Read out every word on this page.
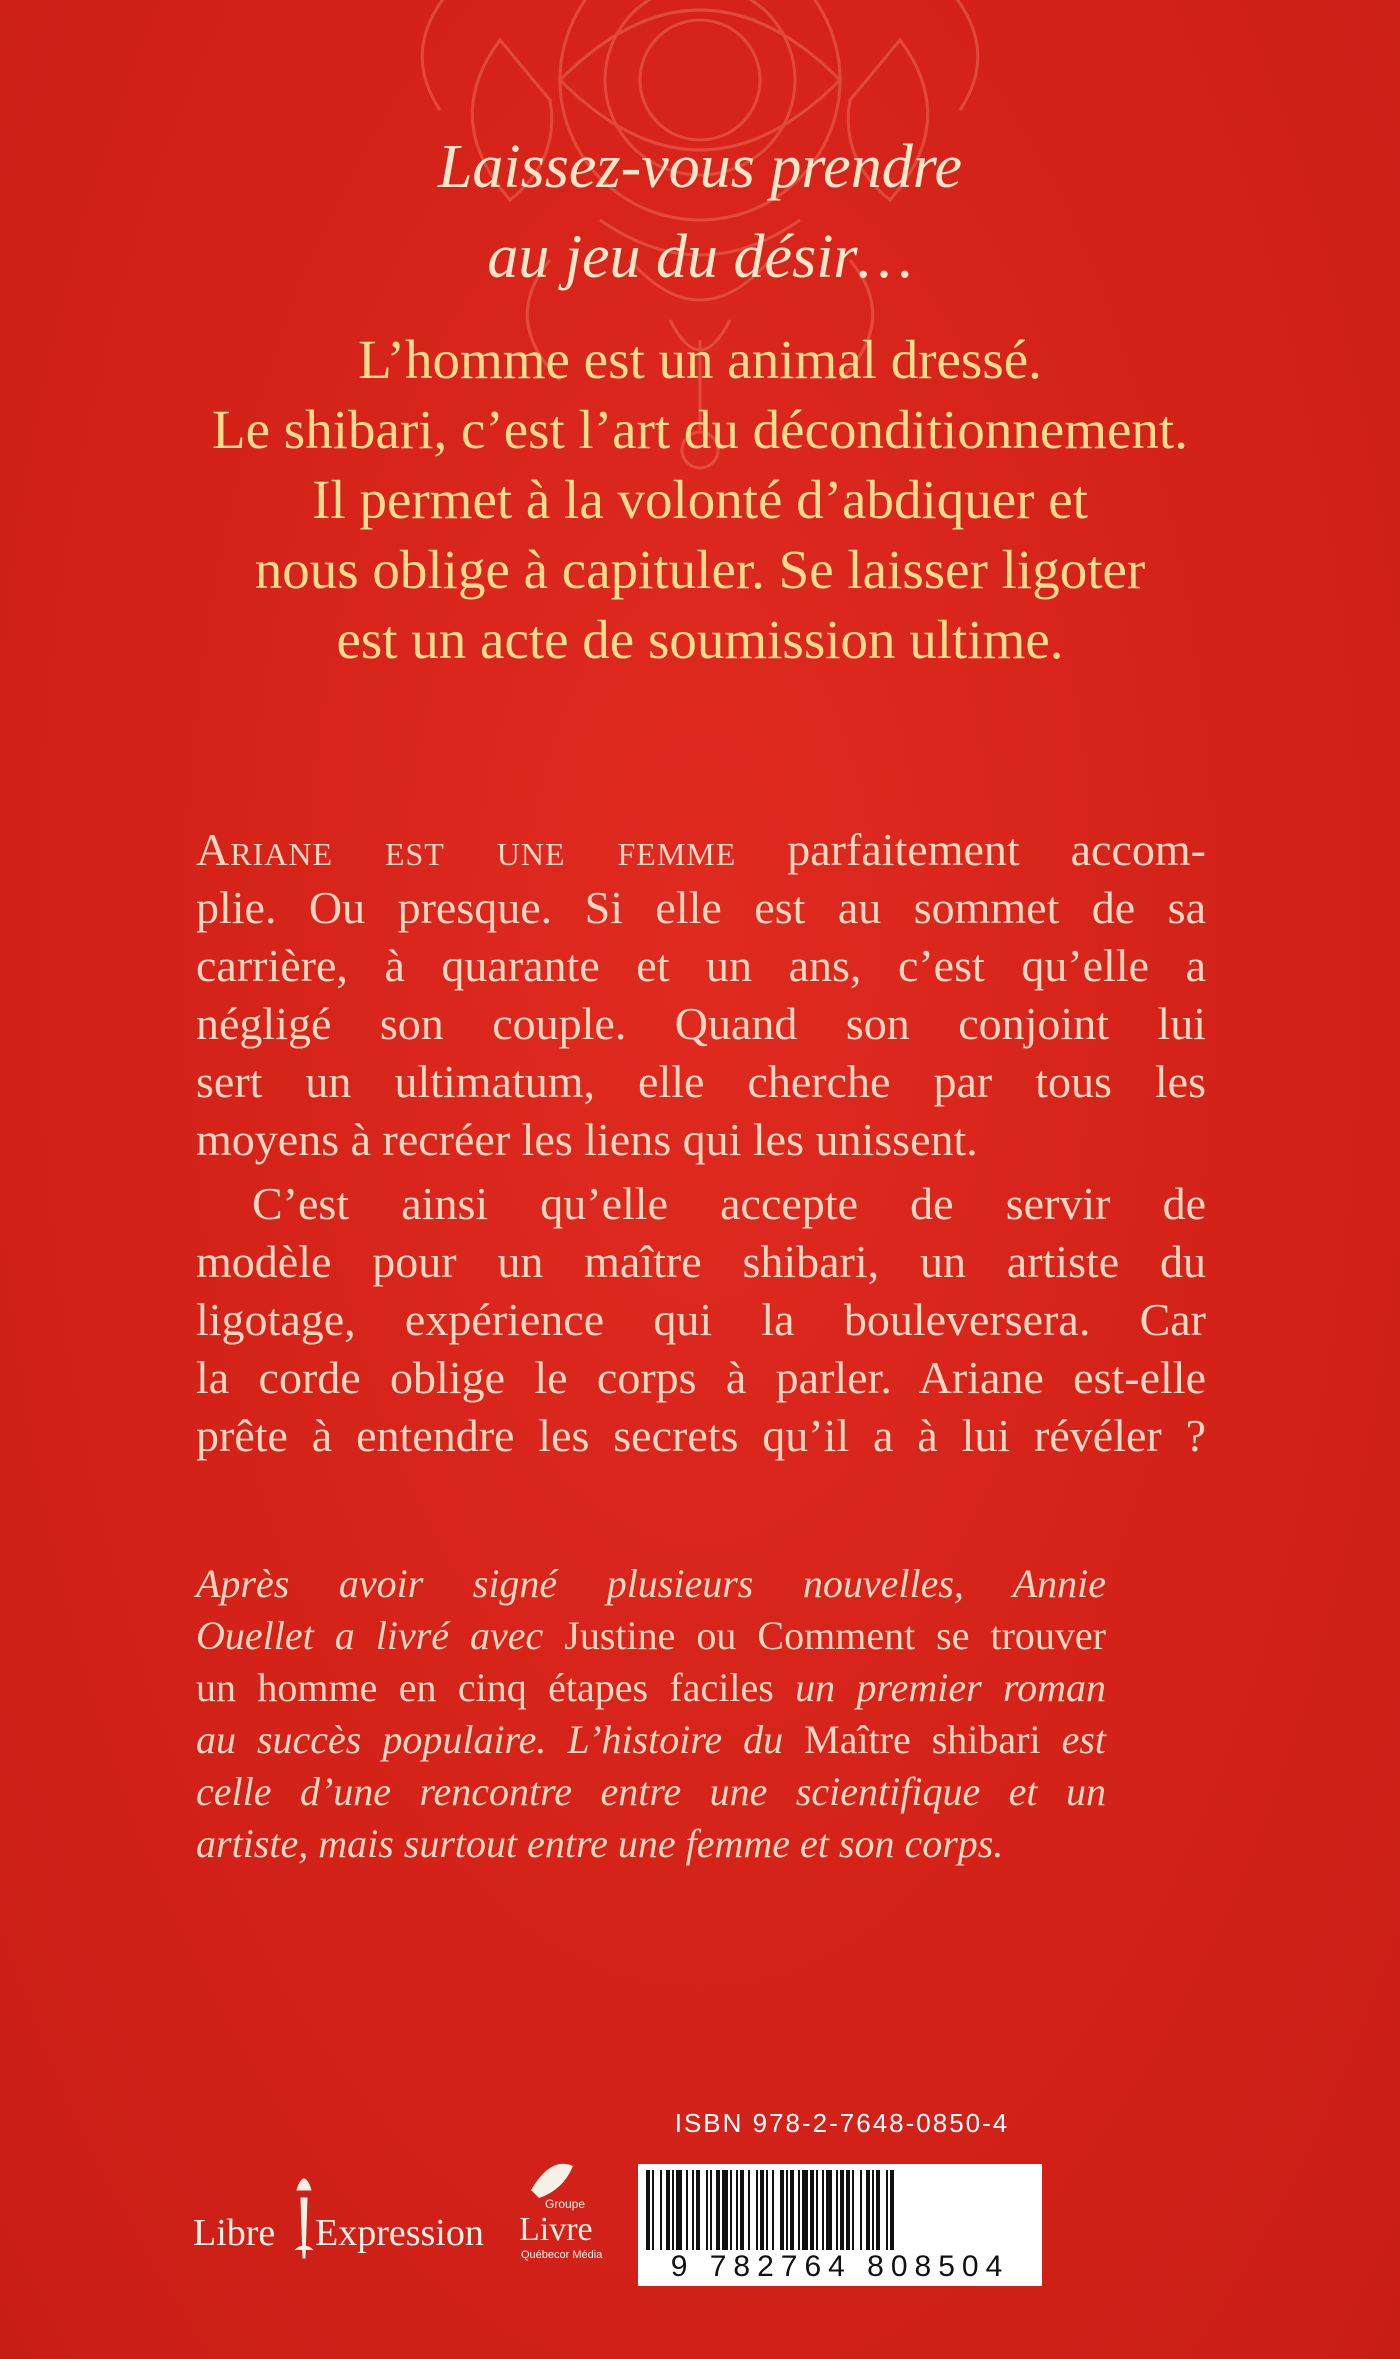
Laissez-vous prendre
au jeu du désir…
L’homme est un animal dressé.
Le shibari, c’est l’art du déconditionnement.
Il permet à la volonté d’abdiquer et
nous oblige à capituler. Se laisser ligoter
est un acte de soumission ultime.
Ariane est une femme parfaitement accom-
plie. Ou presque. Si elle est au sommet de sa
carrière, à quarante et un ans, c’est qu’elle a
négligé son couple. Quand son conjoint lui
sert un ultimatum, elle cherche par tous les
moyens à recréer les liens qui les unissent.
C’est ainsi qu’elle accepte de servir de
modèle pour un maître shibari, un artiste du
ligotage, expérience qui la bouleversera. Car
la corde oblige le corps à parler. Ariane est-elle
prête à entendre les secrets qu’il a à lui révéler ?
Après avoir signé plusieurs nouvelles, Annie
Ouellet a livré avec Justine ou Comment se trouver
un homme en cinq étapes faciles un premier roman
au succès populaire. L’histoire du Maître shibari est
celle d’une rencontre entre une scientifique et un
artiste, mais surtout entre une femme et son corps.
Libre Expression
Groupe
Livre
Québecor Média
ISBN 978-2-7648-0850-4
9 782764 808504
